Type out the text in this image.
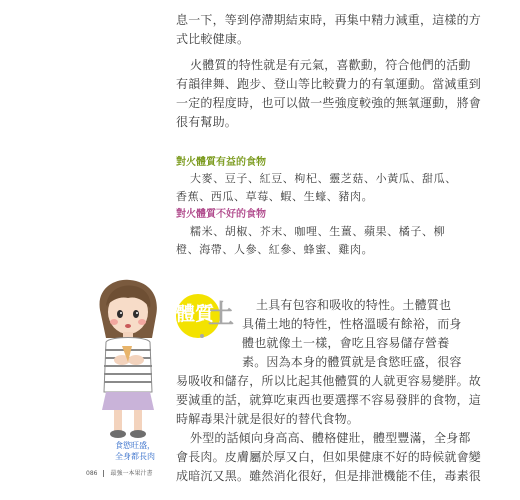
息一下，等到停滯期結束時，再集中精力減重，這樣的方
式比較健康。
火體質的特性就是有元氣，喜歡動，符合他們的活動
有韻律舞、跑步、登山等比較費力的有氧運動。當減重到
一定的程度時，也可以做一些強度較強的無氧運動，將會
很有幫助。
對火體質有益的食物
大麥、豆子、紅豆、枸杞、靈芝菇、小黃瓜、甜瓜、
香蕉、西瓜、草莓、蝦、生蠔、豬肉。
對火體質不好的食物
糯米、胡椒、芥末、咖哩、生薑、蘋果、橘子、柳
橙、海帶、人參、紅參、蜂蜜、雞肉。
體質
土 土具有包容和吸收的特性。土體質也
具備土地的特性，性格溫暖有餘裕，而身
體也就像土一樣，會吃且容易儲存營養
素。因為本身的體質就是食慾旺盛，很容
易吸收和儲存，所以比起其他體質的人就更容易變胖。故
要減重的話，就算吃東西也要選擇不容易發胖的食物，這
時解毒果汁就是很好的替代食物。
外型的話傾向身高高、體格健壯，體型豐滿，全身都
會長肉。皮膚屬於厚又白，但如果健康不好的時候就會變
成暗沉又黑。雖然消化很好，但是排泄機能不佳，毒素很
食慾旺盛，
全身都長肉
086 最強一本果汁書
